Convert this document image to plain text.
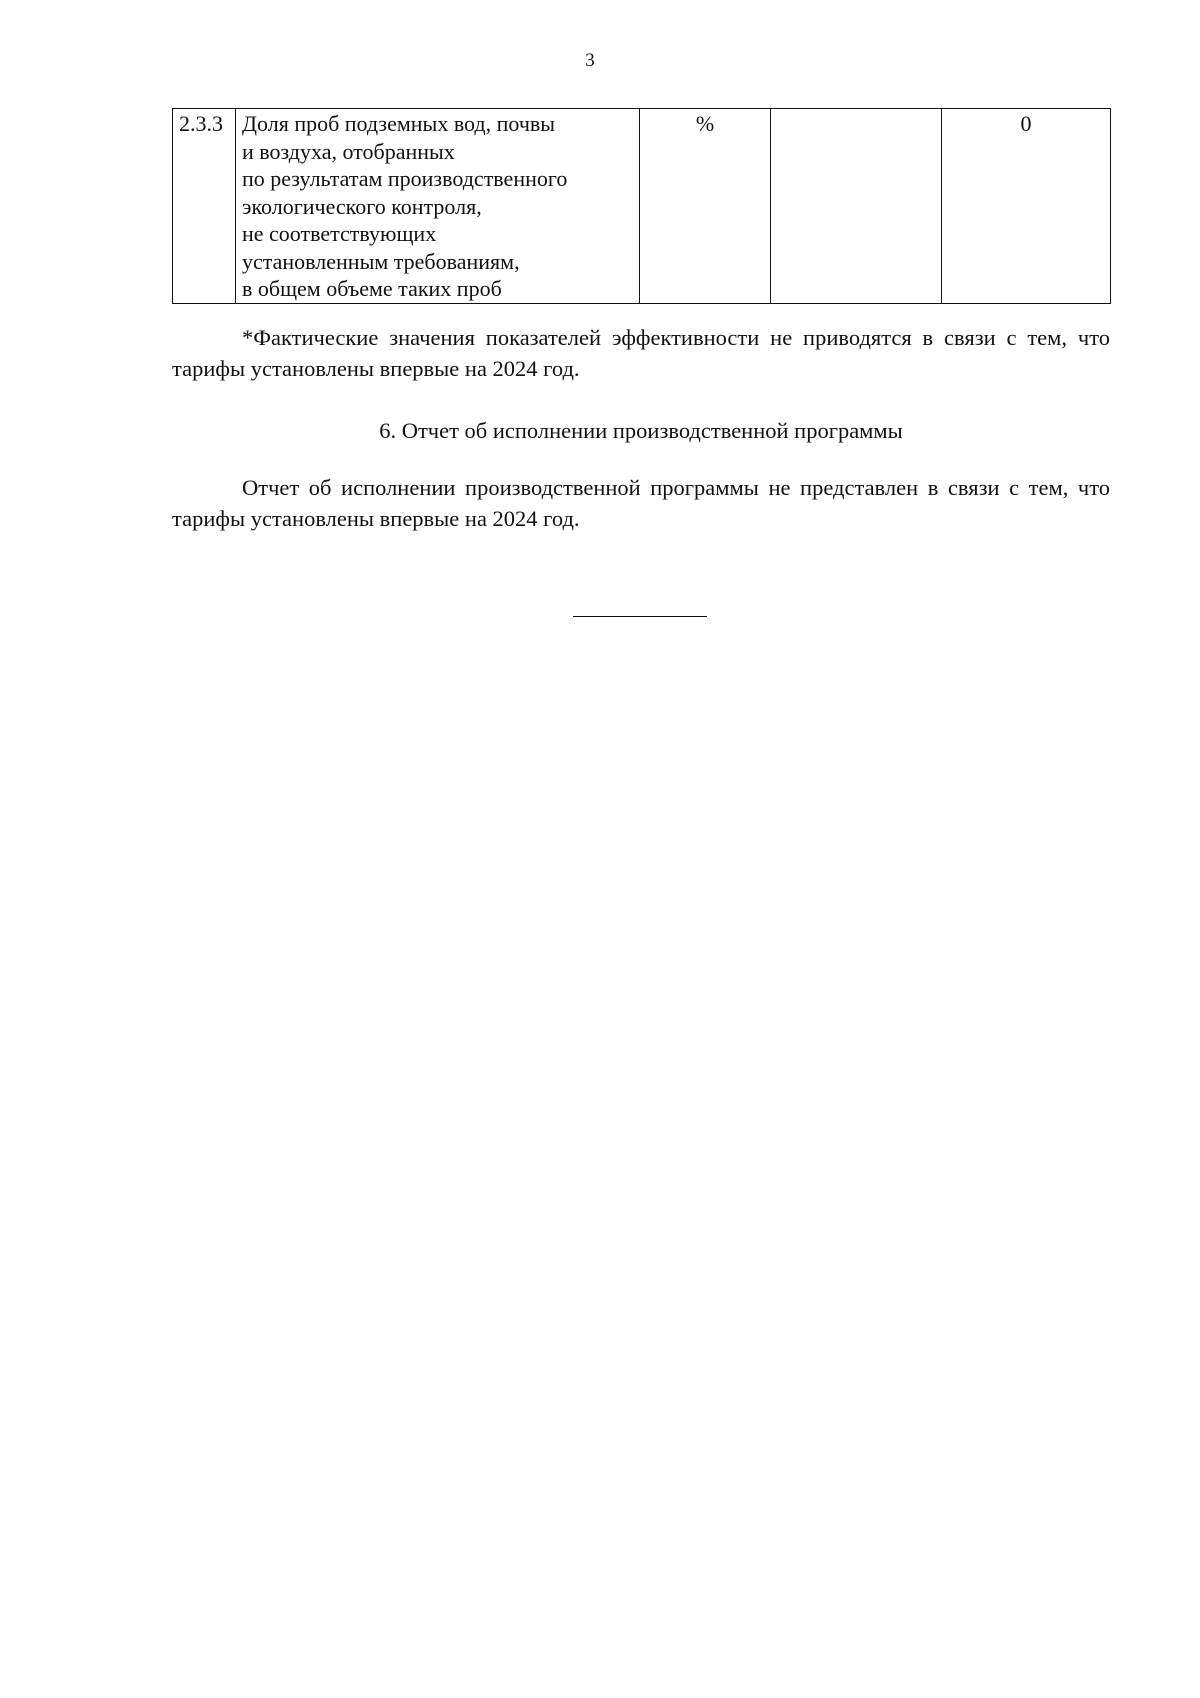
3
2.3.3	Доля проб подземных вод, почвы
и воздуха, отобранных
по результатам производственного
экологического контроля,
не соответствующих
установленным требованиям,
в общем объеме таких проб	%		0

*Фактические значения показателей эффективности не приводятся в связи с тем, что тарифы установлены впервые на 2024 год.

6. Отчет об исполнении производственной программы

Отчет об исполнении производственной программы не представлен в связи с тем, что тарифы установлены впервые на 2024 год.
